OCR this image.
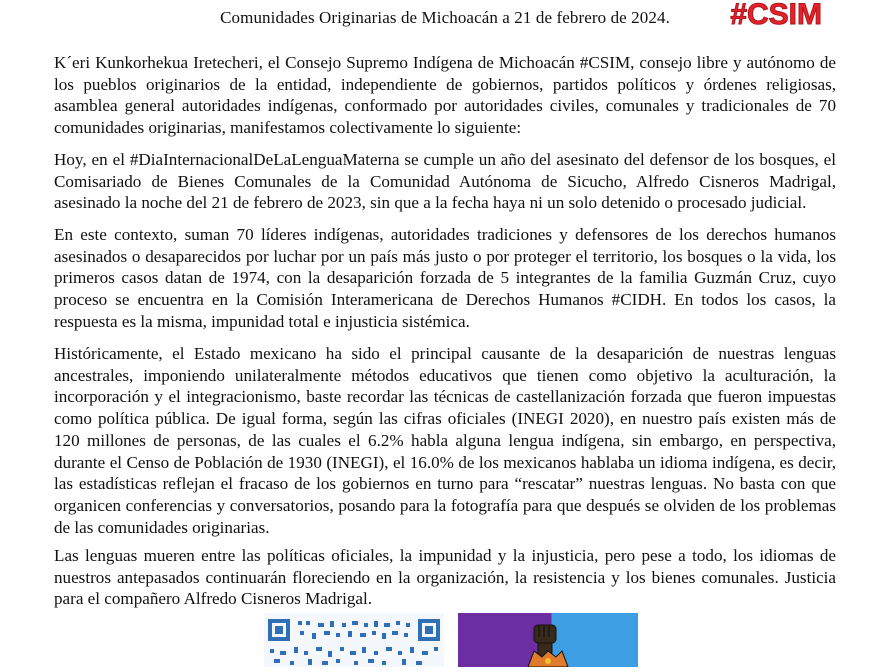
Comunidades Originarias de Michoacán a 21 de febrero de 2024.	#CSIM

K´eri Kunkorhekua Iretecheri, el Consejo Supremo Indígena de Michoacán #CSIM, consejo libre y autónomo de los pueblos originarios de la entidad, independiente de gobiernos, partidos políticos y órdenes religiosas, asamblea general autoridades indígenas, conformado por autoridades civiles, comunales y tradicionales de 70 comunidades originarias, manifestamos colectivamente lo siguiente:

Hoy, en el #DiaInternacionalDeLaLenguaMaterna se cumple un año del asesinato del defensor de los bosques, el Comisariado de Bienes Comunales de la Comunidad Autónoma de Sicucho, Alfredo Cisneros Madrigal, asesinado la noche del 21 de febrero de 2023, sin que a la fecha haya ni un solo detenido o procesado judicial.

En este contexto, suman 70 líderes indígenas, autoridades tradiciones y defensores de los derechos humanos asesinados o desaparecidos por luchar por un país más justo o por proteger el territorio, los bosques o la vida, los primeros casos datan de 1974, con la desaparición forzada de 5 integrantes de la familia Guzmán Cruz, cuyo proceso se encuentra en la Comisión Interamericana de Derechos Humanos #CIDH. En todos los casos, la respuesta es la misma, impunidad total e injusticia sistémica.

Históricamente, el Estado mexicano ha sido el principal causante de la desaparición de nuestras lenguas ancestrales, imponiendo unilateralmente métodos educativos que tienen como objetivo la aculturación, la incorporación y el integracionismo, baste recordar las técnicas de castellanización forzada que fueron impuestas como política pública. De igual forma, según las cifras oficiales (INEGI 2020), en nuestro país existen más de 120 millones de personas, de las cuales el 6.2% habla alguna lengua indígena, sin embargo, en perspectiva, durante el Censo de Población de 1930 (INEGI), el 16.0% de los mexicanos hablaba un idioma indígena, es decir, las estadísticas reflejan el fracaso de los gobiernos en turno para “rescatar” nuestras lenguas. No basta con que organicen conferencias y conversatorios, posando para la fotografía para que después se olviden de los problemas de las comunidades originarias.

Las lenguas mueren entre las políticas oficiales, la impunidad y la injusticia, pero pese a todo, los idiomas de nuestros antepasados continuarán floreciendo en la organización, la resistencia y los bienes comunales. Justicia para el compañero Alfredo Cisneros Madrigal.
